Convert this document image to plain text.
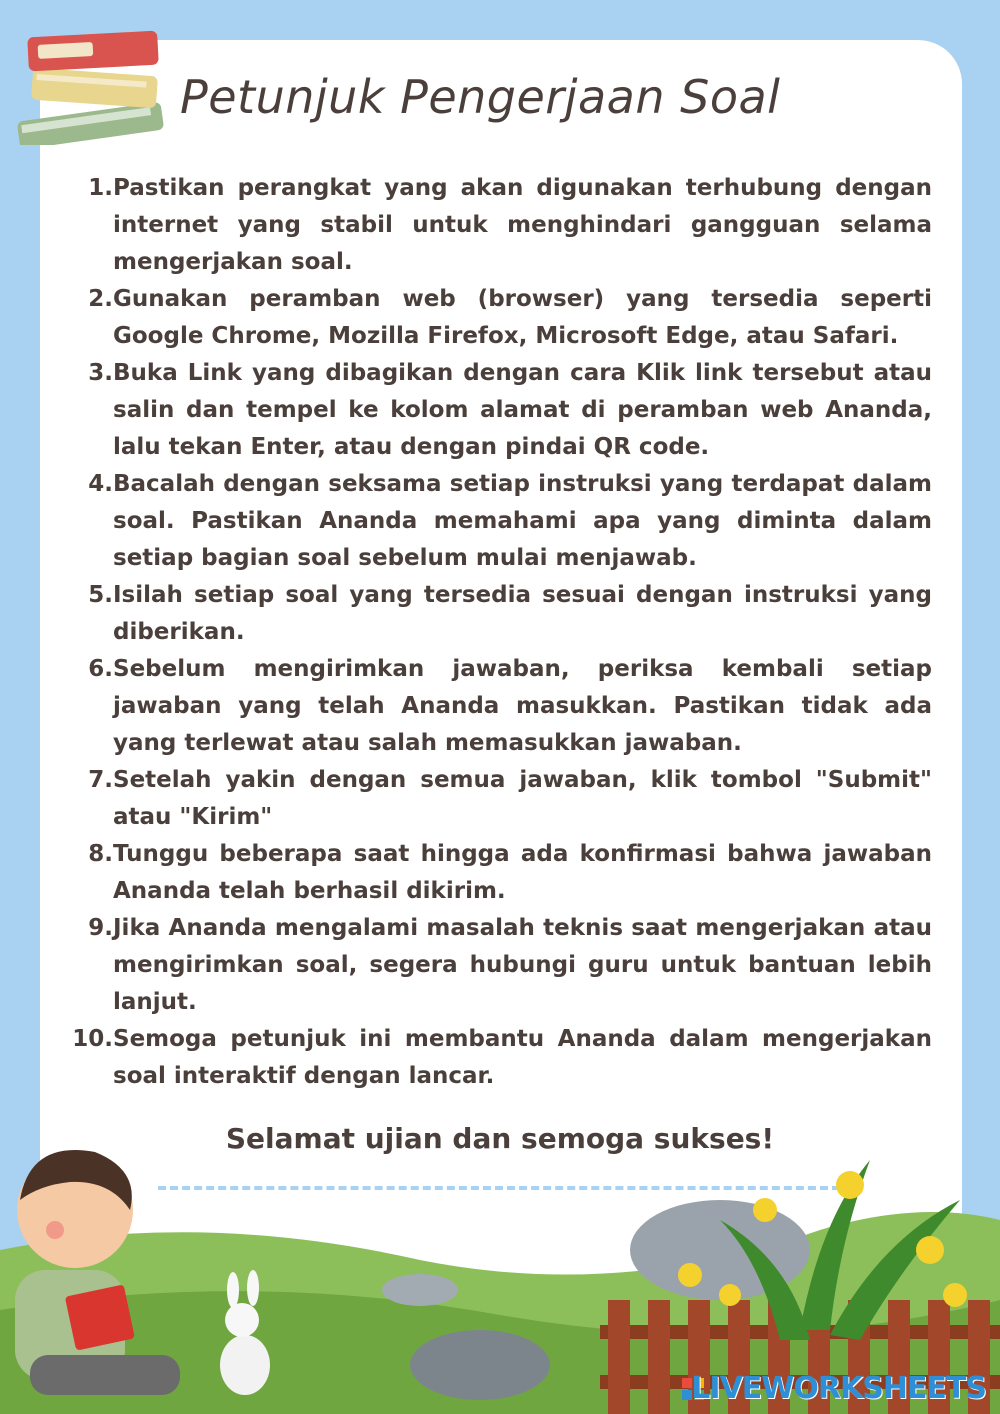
Petunjuk Pengerjaan Soal
1. Pastikan perangkat yang akan digunakan terhubung dengan internet yang stabil untuk menghindari gangguan selama mengerjakan soal.
2. Gunakan peramban web (browser) yang tersedia seperti Google Chrome, Mozilla Firefox, Microsoft Edge, atau Safari.
3. Buka Link yang dibagikan dengan cara Klik link tersebut atau salin dan tempel ke kolom alamat di peramban web Ananda, lalu tekan Enter, atau dengan pindai QR code.
4. Bacalah dengan seksama setiap instruksi yang terdapat dalam soal. Pastikan Ananda memahami apa yang diminta dalam setiap bagian soal sebelum mulai menjawab.
5. Isilah setiap soal yang tersedia sesuai dengan instruksi yang diberikan.
6. Sebelum mengirimkan jawaban, periksa kembali setiap jawaban yang telah Ananda masukkan. Pastikan tidak ada yang terlewat atau salah memasukkan jawaban.
7. Setelah yakin dengan semua jawaban, klik tombol "Submit" atau "Kirim"
8. Tunggu beberapa saat hingga ada konfirmasi bahwa jawaban Ananda telah berhasil dikirim.
9. Jika Ananda mengalami masalah teknis saat mengerjakan atau mengirimkan soal, segera hubungi guru untuk bantuan lebih lanjut.
10. Semoga petunjuk ini membantu Ananda dalam mengerjakan soal interaktif dengan lancar.

Selamat ujian dan semoga sukses!

LIVEWORKSHEETS
